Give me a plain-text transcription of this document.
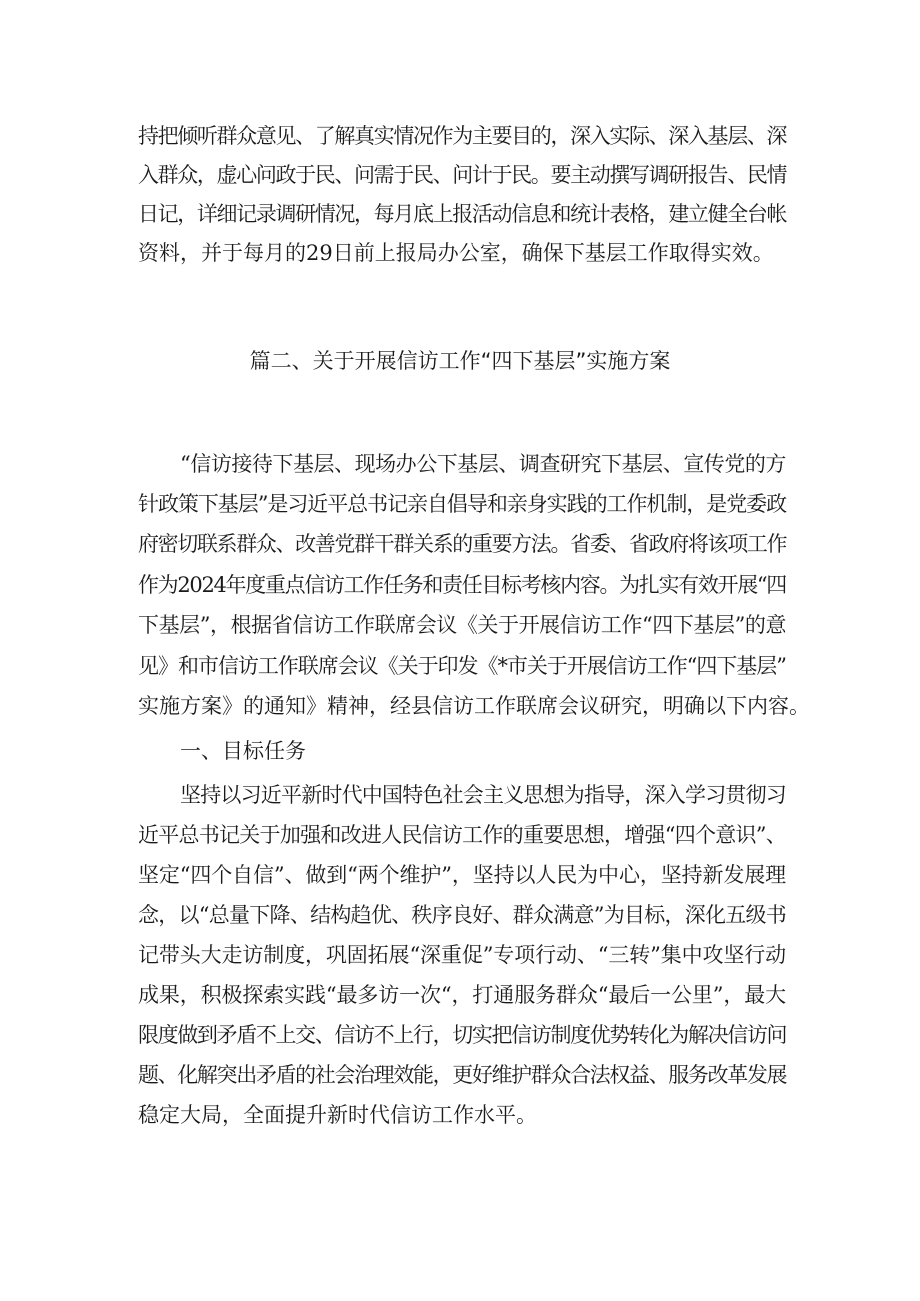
持把倾听群众意见、了解真实情况作为主要目的，深入实际、深入基层、深
入群众，虚心问政于民、问需于民、问计于民。要主动撰写调研报告、民情
日记，详细记录调研情况，每月底上报活动信息和统计表格，建立健全台帐
资料，并于每月的29日前上报局办公室，确保下基层工作取得实效。
篇二、关于开展信访工作“四下基层”实施方案
“信访接待下基层、现场办公下基层、调查研究下基层、宣传党的方
针政策下基层”是习近平总书记亲自倡导和亲身实践的工作机制，是党委政
府密切联系群众、改善党群干群关系的重要方法。省委、省政府将该项工作
作为2024年度重点信访工作任务和责任目标考核内容。为扎实有效开展“四
下基层”，根据省信访工作联席会议《关于开展信访工作“四下基层”的意
见》和市信访工作联席会议《关于印发《*市关于开展信访工作“四下基层”
实施方案》的通知》精神，经县信访工作联席会议研究，明确以下内容。
一、目标任务
坚持以习近平新时代中国特色社会主义思想为指导，深入学习贯彻习
近平总书记关于加强和改进人民信访工作的重要思想，增强“四个意识”、
坚定“四个自信”、做到“两个维护”，坚持以人民为中心，坚持新发展理
念，以“总量下降、结构趋优、秩序良好、群众满意”为目标，深化五级书
记带头大走访制度，巩固拓展“深重促”专项行动、“三转”集中攻坚行动
成果，积极探索实践“最多访一次“，打通服务群众“最后一公里”，最大
限度做到矛盾不上交、信访不上行，切实把信访制度优势转化为解决信访问
题、化解突出矛盾的社会治理效能，更好维护群众合法权益、服务改革发展
稳定大局，全面提升新时代信访工作水平。
